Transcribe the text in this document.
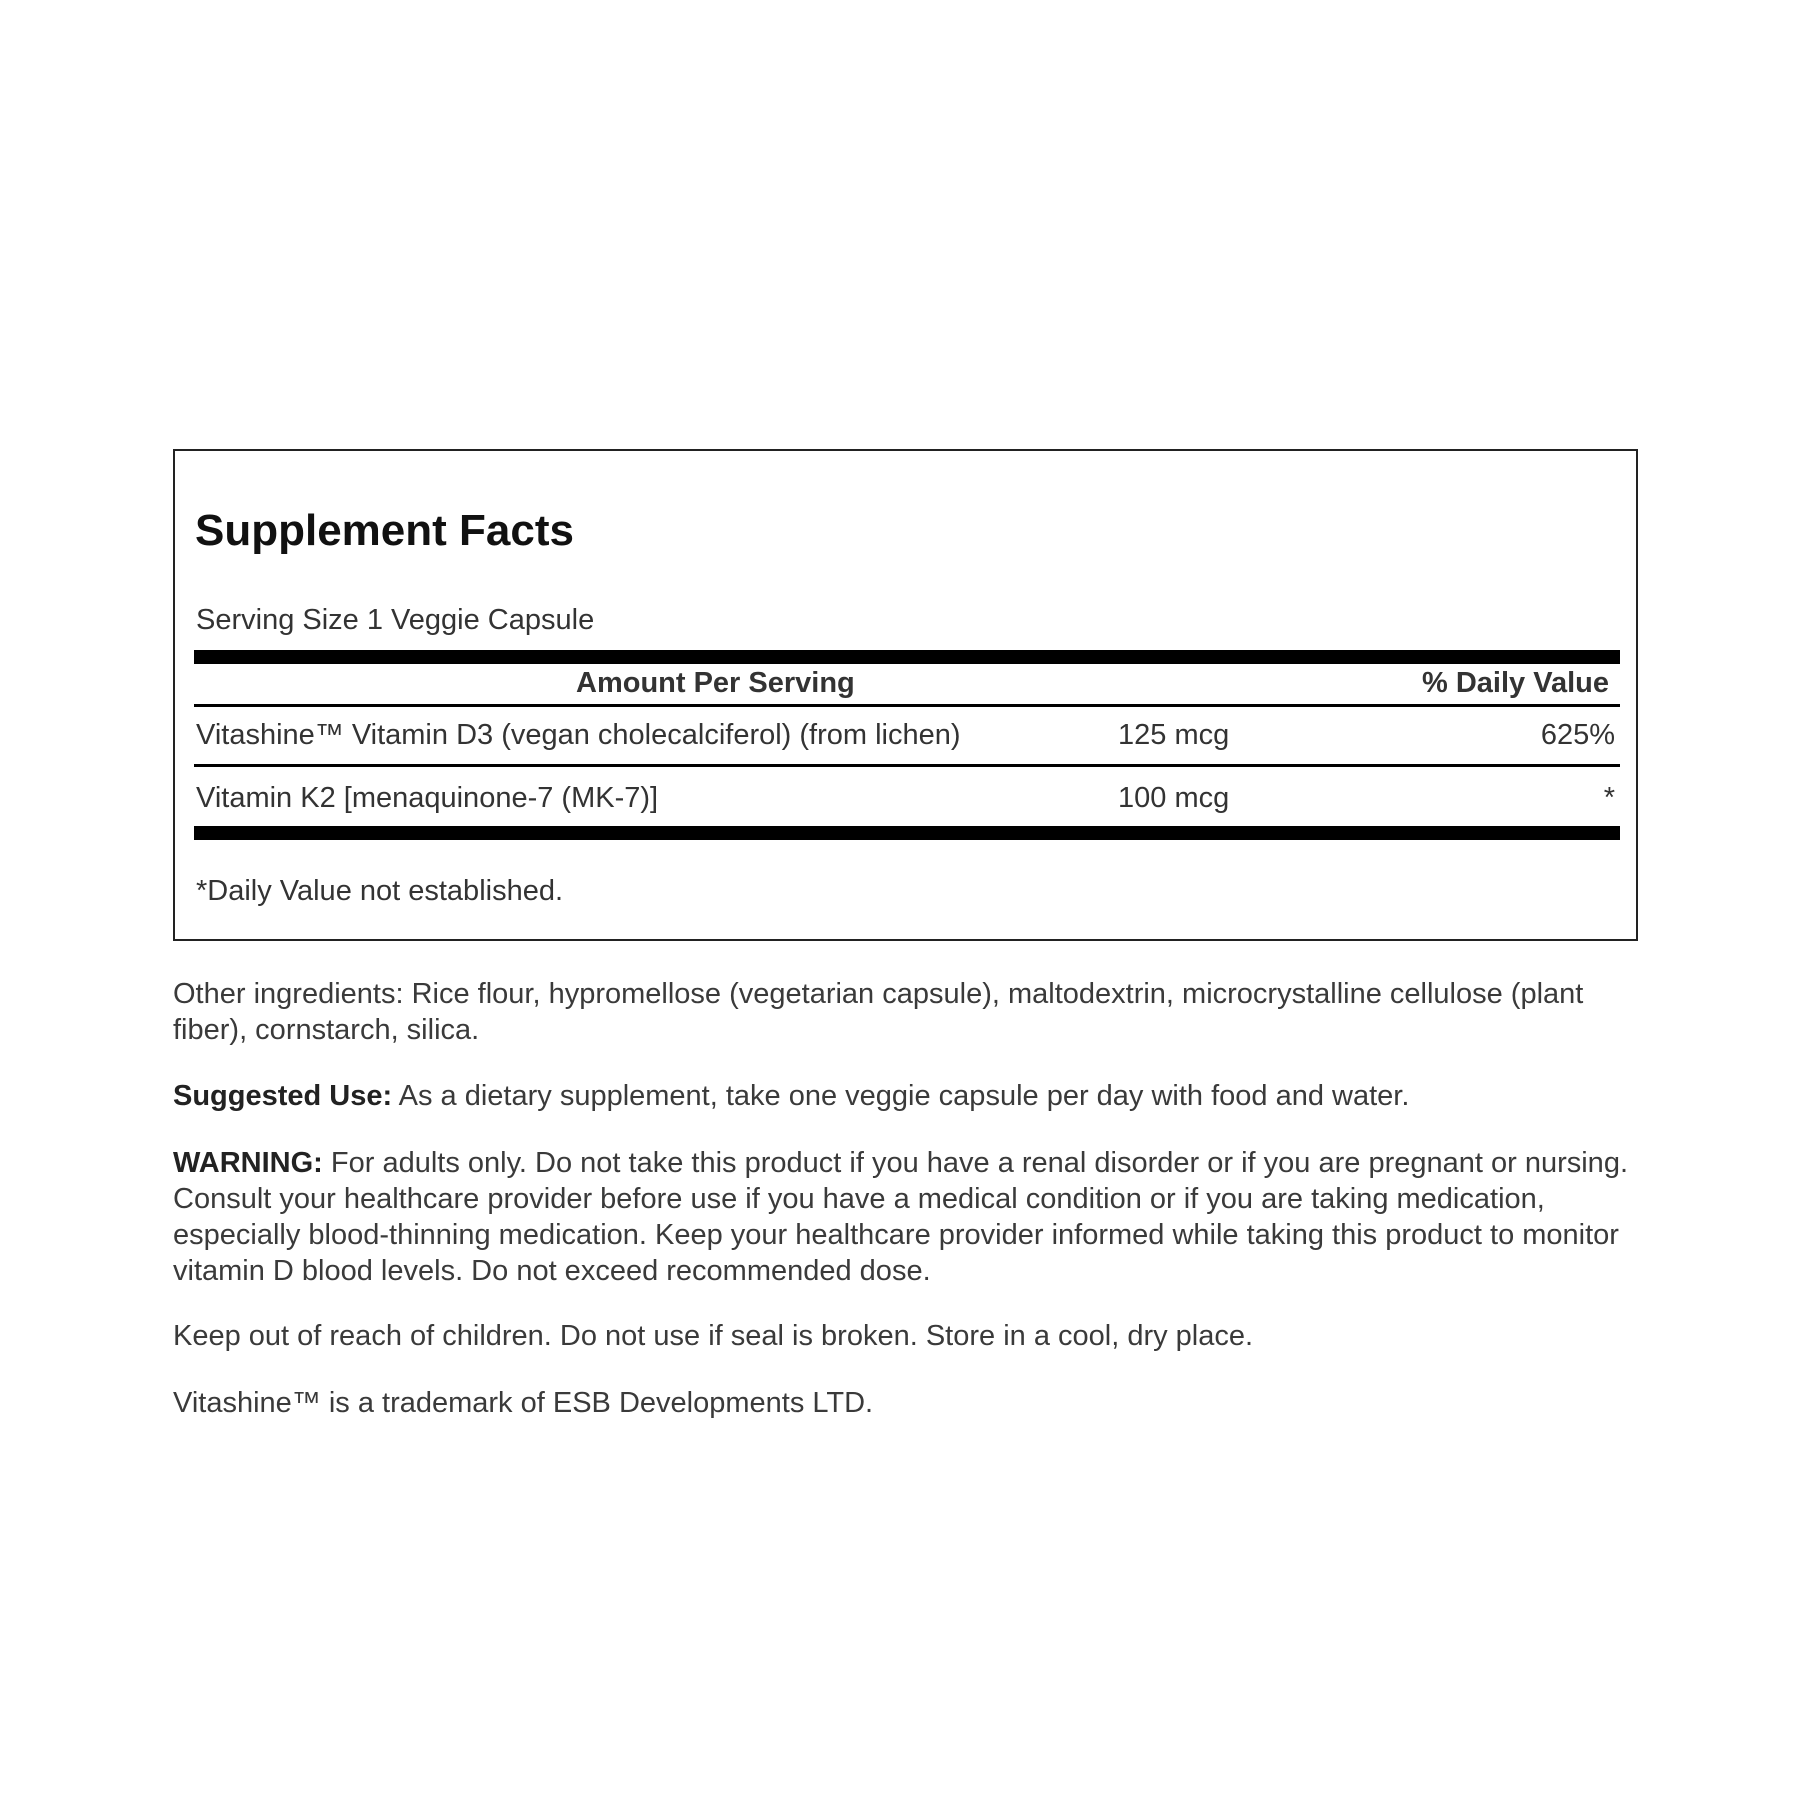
Supplement Facts
Serving Size 1 Veggie Capsule
Amount Per Serving	% Daily Value
Vitashine™ Vitamin D3 (vegan cholecalciferol) (from lichen)	125 mcg	625%
Vitamin K2 [menaquinone-7 (MK-7)]	100 mcg	*
*Daily Value not established.

Other ingredients: Rice flour, hypromellose (vegetarian capsule), maltodextrin, microcrystalline cellulose (plant fiber), cornstarch, silica.

Suggested Use: As a dietary supplement, take one veggie capsule per day with food and water.

WARNING: For adults only. Do not take this product if you have a renal disorder or if you are pregnant or nursing. Consult your healthcare provider before use if you have a medical condition or if you are taking medication, especially blood-thinning medication. Keep your healthcare provider informed while taking this product to monitor vitamin D blood levels. Do not exceed recommended dose.

Keep out of reach of children. Do not use if seal is broken. Store in a cool, dry place.

Vitashine™ is a trademark of ESB Developments LTD.
